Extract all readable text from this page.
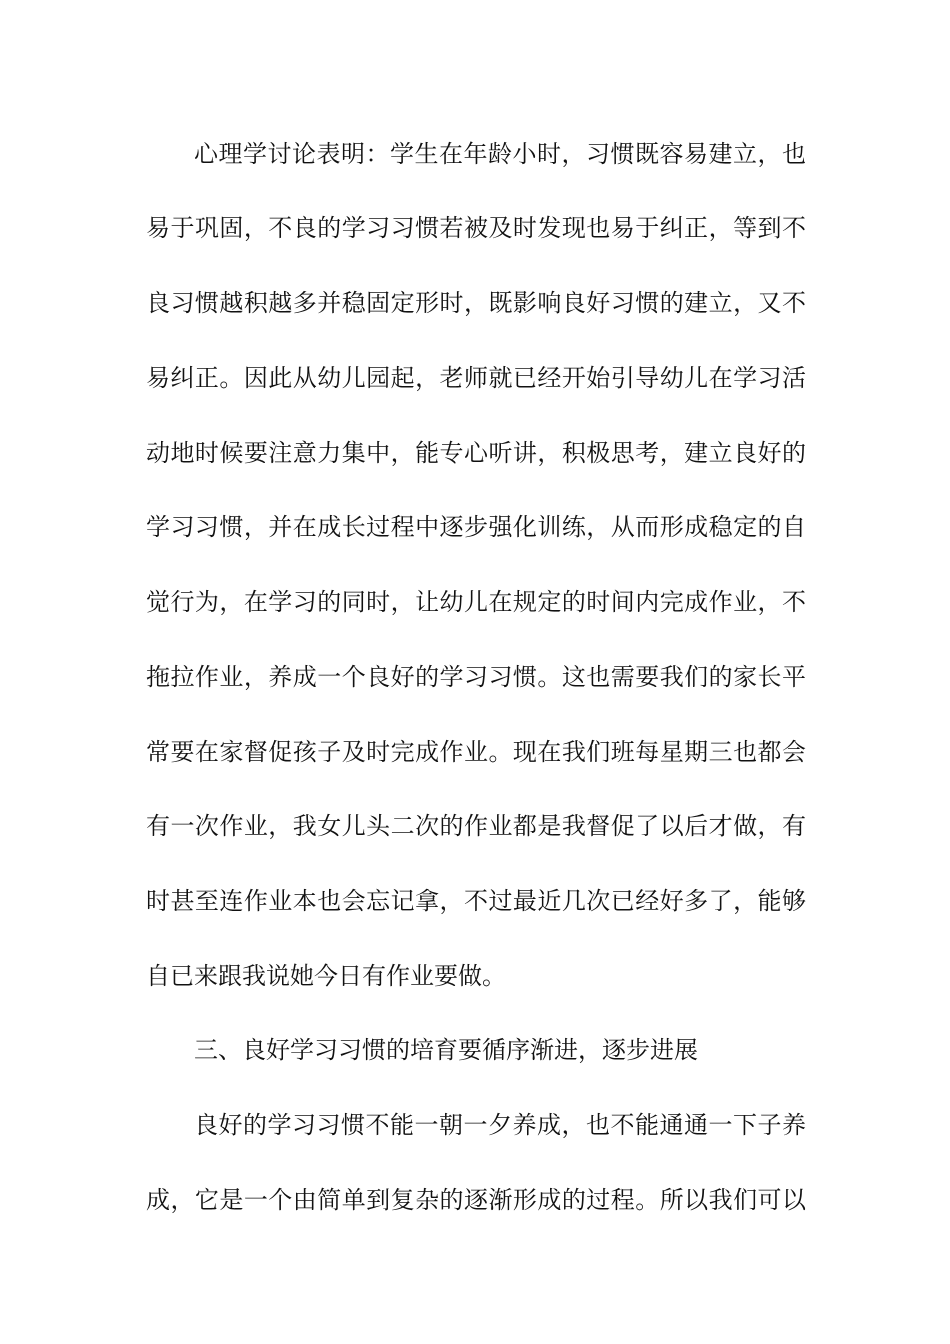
心理学讨论表明：学生在年龄小时，习惯既容易建立，也
易于巩固，不良的学习习惯若被及时发现也易于纠正，等到不
良习惯越积越多并稳固定形时，既影响良好习惯的建立，又不
易纠正。因此从幼儿园起，老师就已经开始引导幼儿在学习活
动地时候要注意力集中，能专心听讲，积极思考，建立良好的
学习习惯，并在成长过程中逐步强化训练，从而形成稳定的自
觉行为，在学习的同时，让幼儿在规定的时间内完成作业，不
拖拉作业，养成一个良好的学习习惯。这也需要我们的家长平
常要在家督促孩子及时完成作业。现在我们班每星期三也都会
有一次作业，我女儿头二次的作业都是我督促了以后才做，有
时甚至连作业本也会忘记拿，不过最近几次已经好多了，能够
自已来跟我说她今日有作业要做。
三、良好学习习惯的培育要循序渐进，逐步进展
良好的学习习惯不能一朝一夕养成，也不能通通一下子养
成，它是一个由简单到复杂的逐渐形成的过程。所以我们可以
